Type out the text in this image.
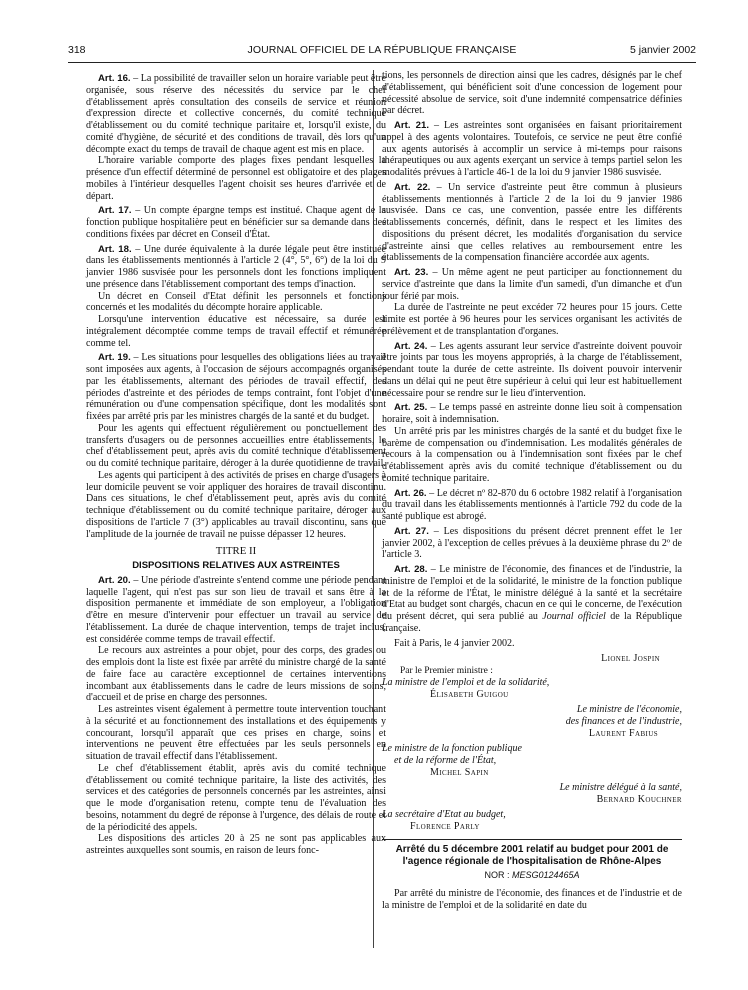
318	JOURNAL OFFICIEL DE LA RÉPUBLIQUE FRANÇAISE	5 janvier 2002

Art. 16. – La possibilité de travailler selon un horaire variable peut être organisée, sous réserve des nécessités du service par le chef d'établissement après consultation des conseils de service et réunion d'expression directe et collective concernés, du comité technique d'établissement ou du comité technique paritaire et, lorsqu'il existe, du comité d'hygiène, de sécurité et des conditions de travail, dès lors qu'un décompte exact du temps de travail de chaque agent est mis en place.

L'horaire variable comporte des plages fixes pendant lesquelles la présence d'un effectif déterminé de personnel est obligatoire et des plages mobiles à l'intérieur desquelles l'agent choisit ses heures d'arrivée et de départ.

Art. 17. – Un compte épargne temps est institué. Chaque agent de la fonction publique hospitalière peut en bénéficier sur sa demande dans des conditions fixées par décret en Conseil d'État.

Art. 18. – Une durée équivalente à la durée légale peut être instituée dans les établissements mentionnés à l'article 2 (4°, 5°, 6°) de la loi du 9 janvier 1986 susvisée pour les personnels dont les fonctions impliquent une présence dans l'établissement comportant des temps d'inaction.

Un décret en Conseil d'Etat définit les personnels et fonctions concernés et les modalités du décompte horaire applicable.

Lorsqu'une intervention éducative est nécessaire, sa durée est intégralement décomptée comme temps de travail effectif et rémunérée comme tel.

Art. 19. – Les situations pour lesquelles des obligations liées au travail sont imposées aux agents, à l'occasion de séjours accompagnés organisés par les établissements, alternant des périodes de travail effectif, des périodes d'astreinte et des périodes de temps contraint, font l'objet d'une rémunération ou d'une compensation spécifique, dont les modalités sont fixées par arrêté pris par les ministres chargés de la santé et du budget.

Pour les agents qui effectuent régulièrement ou ponctuellement des transferts d'usagers ou de personnes accueillies entre établissements, le chef d'établissement peut, après avis du comité technique d'établissement ou du comité technique paritaire, déroger à la durée quotidienne de travail.

Les agents qui participent à des activités de prises en charge d'usagers à leur domicile peuvent se voir appliquer des horaires de travail discontinu. Dans ces situations, le chef d'établissement peut, après avis du comité technique d'établissement ou du comité technique paritaire, déroger aux dispositions de l'article 7 (3°) applicables au travail discontinu, sans que l'amplitude de la journée de travail ne puisse dépasser 12 heures.

TITRE II
DISPOSITIONS RELATIVES AUX ASTREINTES

Art. 20. – Une période d'astreinte s'entend comme une période pendant laquelle l'agent, qui n'est pas sur son lieu de travail et sans être à la disposition permanente et immédiate de son employeur, a l'obligation d'être en mesure d'intervenir pour effectuer un travail au service de l'établissement. La durée de chaque intervention, temps de trajet inclus, est considérée comme temps de travail effectif.

Le recours aux astreintes a pour objet, pour des corps, des grades ou des emplois dont la liste est fixée par arrêté du ministre chargé de la santé de faire face au caractère exceptionnel de certaines interventions incombant aux établissements dans le cadre de leurs missions de soins, d'accueil et de prise en charge des personnes.

Les astreintes visent également à permettre toute intervention touchant à la sécurité et au fonctionnement des installations et des équipements y concourant, lorsqu'il apparaît que ces prises en charge, soins et interventions ne peuvent être effectuées par les seuls personnels en situation de travail effectif dans l'établissement.

Le chef d'établissement établit, après avis du comité technique d'établissement ou comité technique paritaire, la liste des activités, des services et des catégories de personnels concernés par les astreintes, ainsi que le mode d'organisation retenu, compte tenu de l'évaluation des besoins, notamment du degré de réponse à l'urgence, des délais de route et de la périodicité des appels.

Les dispositions des articles 20 à 25 ne sont pas applicables aux astreintes auxquelles sont soumis, en raison de leurs fonc-

tions, les personnels de direction ainsi que les cadres, désignés par le chef d'établissement, qui bénéficient soit d'une concession de logement pour nécessité absolue de service, soit d'une indemnité compensatrice définies par décret.

Art. 21. – Les astreintes sont organisées en faisant prioritairement appel à des agents volontaires. Toutefois, ce service ne peut être confié aux agents autorisés à accomplir un service à mi-temps pour raisons thérapeutiques ou aux agents exerçant un service à temps partiel selon les modalités prévues à l'article 46-1 de la loi du 9 janvier 1986 susvisée.

Art. 22. – Un service d'astreinte peut être commun à plusieurs établissements mentionnés à l'article 2 de la loi du 9 janvier 1986 susvisée. Dans ce cas, une convention, passée entre les différents établissements concernés, définit, dans le respect et les limites des dispositions du présent décret, les modalités d'organisation du service d'astreinte ainsi que celles relatives au remboursement entre les établissements de la compensation financière accordée aux agents.

Art. 23. – Un même agent ne peut participer au fonctionnement du service d'astreinte que dans la limite d'un samedi, d'un dimanche et d'un jour férié par mois.

La durée de l'astreinte ne peut excéder 72 heures pour 15 jours. Cette limite est portée à 96 heures pour les services organisant les activités de prélèvement et de transplantation d'organes.

Art. 24. – Les agents assurant leur service d'astreinte doivent pouvoir être joints par tous les moyens appropriés, à la charge de l'établissement, pendant toute la durée de cette astreinte. Ils doivent pouvoir intervenir dans un délai qui ne peut être supérieur à celui qui leur est habituellement nécessaire pour se rendre sur le lieu d'intervention.

Art. 25. – Le temps passé en astreinte donne lieu soit à compensation horaire, soit à indemnisation.

Un arrêté pris par les ministres chargés de la santé et du budget fixe le barème de compensation ou d'indemnisation. Les modalités générales de recours à la compensation ou à l'indemnisation sont fixées par le chef d'établissement après avis du comité technique d'établissement ou du comité technique paritaire.

Art. 26. – Le décret nº 82-870 du 6 octobre 1982 relatif à l'organisation du travail dans les établissements mentionnés à l'article 792 du code de la santé publique est abrogé.

Art. 27. – Les dispositions du présent décret prennent effet le 1er janvier 2002, à l'exception de celles prévues à la deuxième phrase du 2º de l'article 3.

Art. 28. – Le ministre de l'économie, des finances et de l'industrie, la ministre de l'emploi et de la solidarité, le ministre de la fonction publique et de la réforme de l'État, le ministre délégué à la santé et la secrétaire d'Etat au budget sont chargés, chacun en ce qui le concerne, de l'exécution du présent décret, qui sera publié au Journal officiel de la République française.

Fait à Paris, le 4 janvier 2002.

Lionel Jospin
Par le Premier ministre :
La ministre de l'emploi et de la solidarité,
Élisabeth Guigou
Le ministre de l'économie,
des finances et de l'industrie,
Laurent Fabius
Le ministre de la fonction publique
et de la réforme de l'État,
Michel Sapin
Le ministre délégué à la santé,
Bernard Kouchner
La secrétaire d'Etat au budget,
Florence Parly
Arrêté du 5 décembre 2001 relatif au budget pour 2001 de l'agence régionale de l'hospitalisation de Rhône-Alpes
NOR : MESG0124465A

Par arrêté du ministre de l'économie, des finances et de l'industrie et de la ministre de l'emploi et de la solidarité en date du
